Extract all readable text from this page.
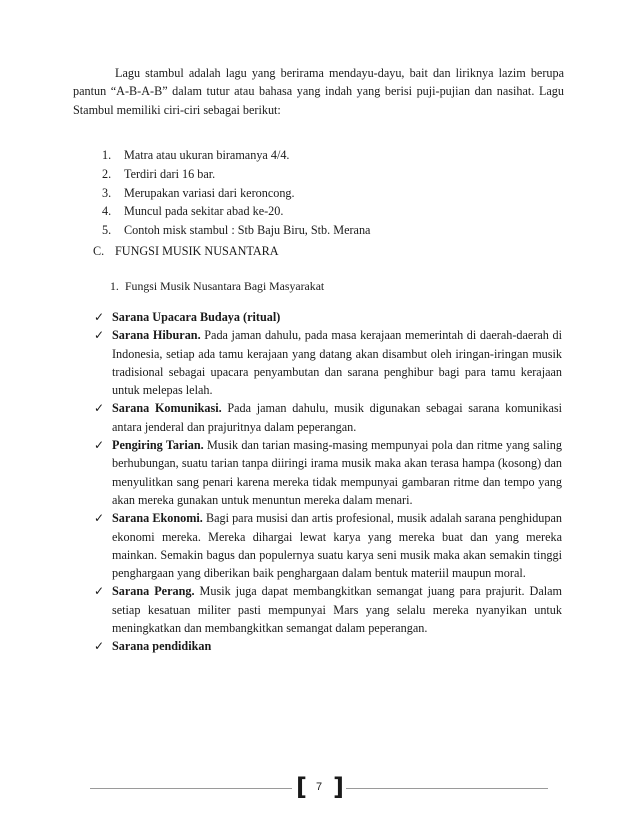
Lagu stambul adalah lagu yang berirama mendayu-dayu, bait dan liriknya lazim berupa pantun “A-B-A-B” dalam tutur atau bahasa yang indah yang berisi puji-pujian dan nasihat. Lagu Stambul memiliki ciri-ciri sebagai berikut:

1.	Matra atau ukuran biramanya 4/4.
2.	Terdiri dari 16 bar.
3.	Merupakan variasi dari keroncong.
4.	Muncul pada sekitar abad ke-20.
5.	Contoh misk stambul : Stb Baju Biru, Stb. Merana
C. FUNGSI MUSIK NUSANTARA
1. Fungsi Musik Nusantara Bagi Masyarakat
✓ Sarana Upacara Budaya (ritual)
✓ Sarana Hiburan. Pada jaman dahulu, pada masa kerajaan memerintah di daerah-daerah di Indonesia, setiap ada tamu kerajaan yang datang akan disambut oleh iringan-iringan musik tradisional sebagai upacara penyambutan dan sarana penghibur bagi para tamu kerajaan untuk melepas lelah.
✓ Sarana Komunikasi. Pada jaman dahulu, musik digunakan sebagai sarana komunikasi antara jenderal dan prajuritnya dalam peperangan.
✓ Pengiring Tarian. Musik dan tarian masing-masing mempunyai pola dan ritme yang saling berhubungan, suatu tarian tanpa diiringi irama musik maka akan terasa hampa (kosong) dan menyulitkan sang penari karena mereka tidak mempunyai gambaran ritme dan tempo yang akan mereka gunakan untuk menuntun mereka dalam menari.
✓ Sarana Ekonomi. Bagi para musisi dan artis profesional, musik adalah sarana penghidupan ekonomi mereka. Mereka dihargai lewat karya yang mereka buat dan yang mereka mainkan. Semakin bagus dan populernya suatu karya seni musik maka akan semakin tinggi penghargaan yang diberikan baik penghargaan dalam bentuk materiil maupun moral.
✓ Sarana Perang. Musik juga dapat membangkitkan semangat juang para prajurit. Dalam setiap kesatuan militer pasti mempunyai Mars yang selalu mereka nyanyikan untuk meningkatkan dan membangkitkan semangat dalam peperangan.
✓ Sarana pendidikan
[ 7 ]
